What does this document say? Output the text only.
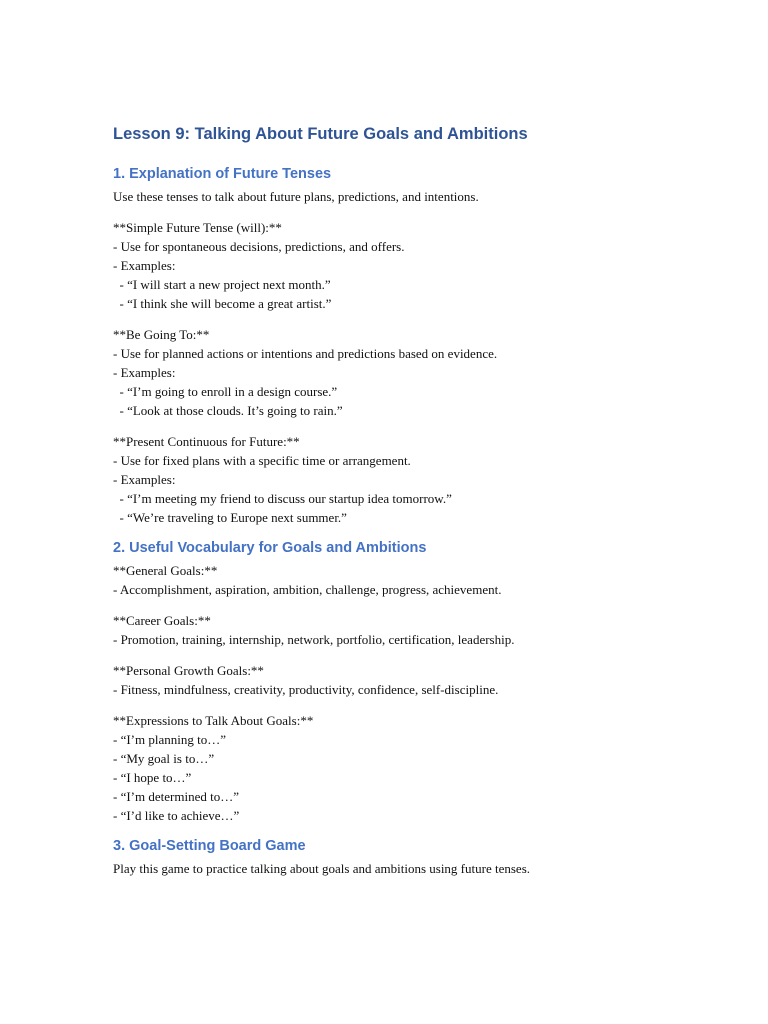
Lesson 9: Talking About Future Goals and Ambitions
1. Explanation of Future Tenses

Use these tenses to talk about future plans, predictions, and intentions.

**Simple Future Tense (will):**
- Use for spontaneous decisions, predictions, and offers.
- Examples:
- “I will start a new project next month.”
- “I think she will become a great artist.”

**Be Going To:**
- Use for planned actions or intentions and predictions based on evidence.
- Examples:
- “I’m going to enroll in a design course.”
- “Look at those clouds. It’s going to rain.”

**Present Continuous for Future:**
- Use for fixed plans with a specific time or arrangement.
- Examples:
- “I’m meeting my friend to discuss our startup idea tomorrow.”
- “We’re traveling to Europe next summer.”

2. Useful Vocabulary for Goals and Ambitions

**General Goals:**
- Accomplishment, aspiration, ambition, challenge, progress, achievement.

**Career Goals:**
- Promotion, training, internship, network, portfolio, certification, leadership.

**Personal Growth Goals:**
- Fitness, mindfulness, creativity, productivity, confidence, self-discipline.

**Expressions to Talk About Goals:**
- “I’m planning to…”
- “My goal is to…”
- “I hope to…”
- “I’m determined to…”
- “I’d like to achieve…”

3. Goal-Setting Board Game

Play this game to practice talking about goals and ambitions using future tenses.
